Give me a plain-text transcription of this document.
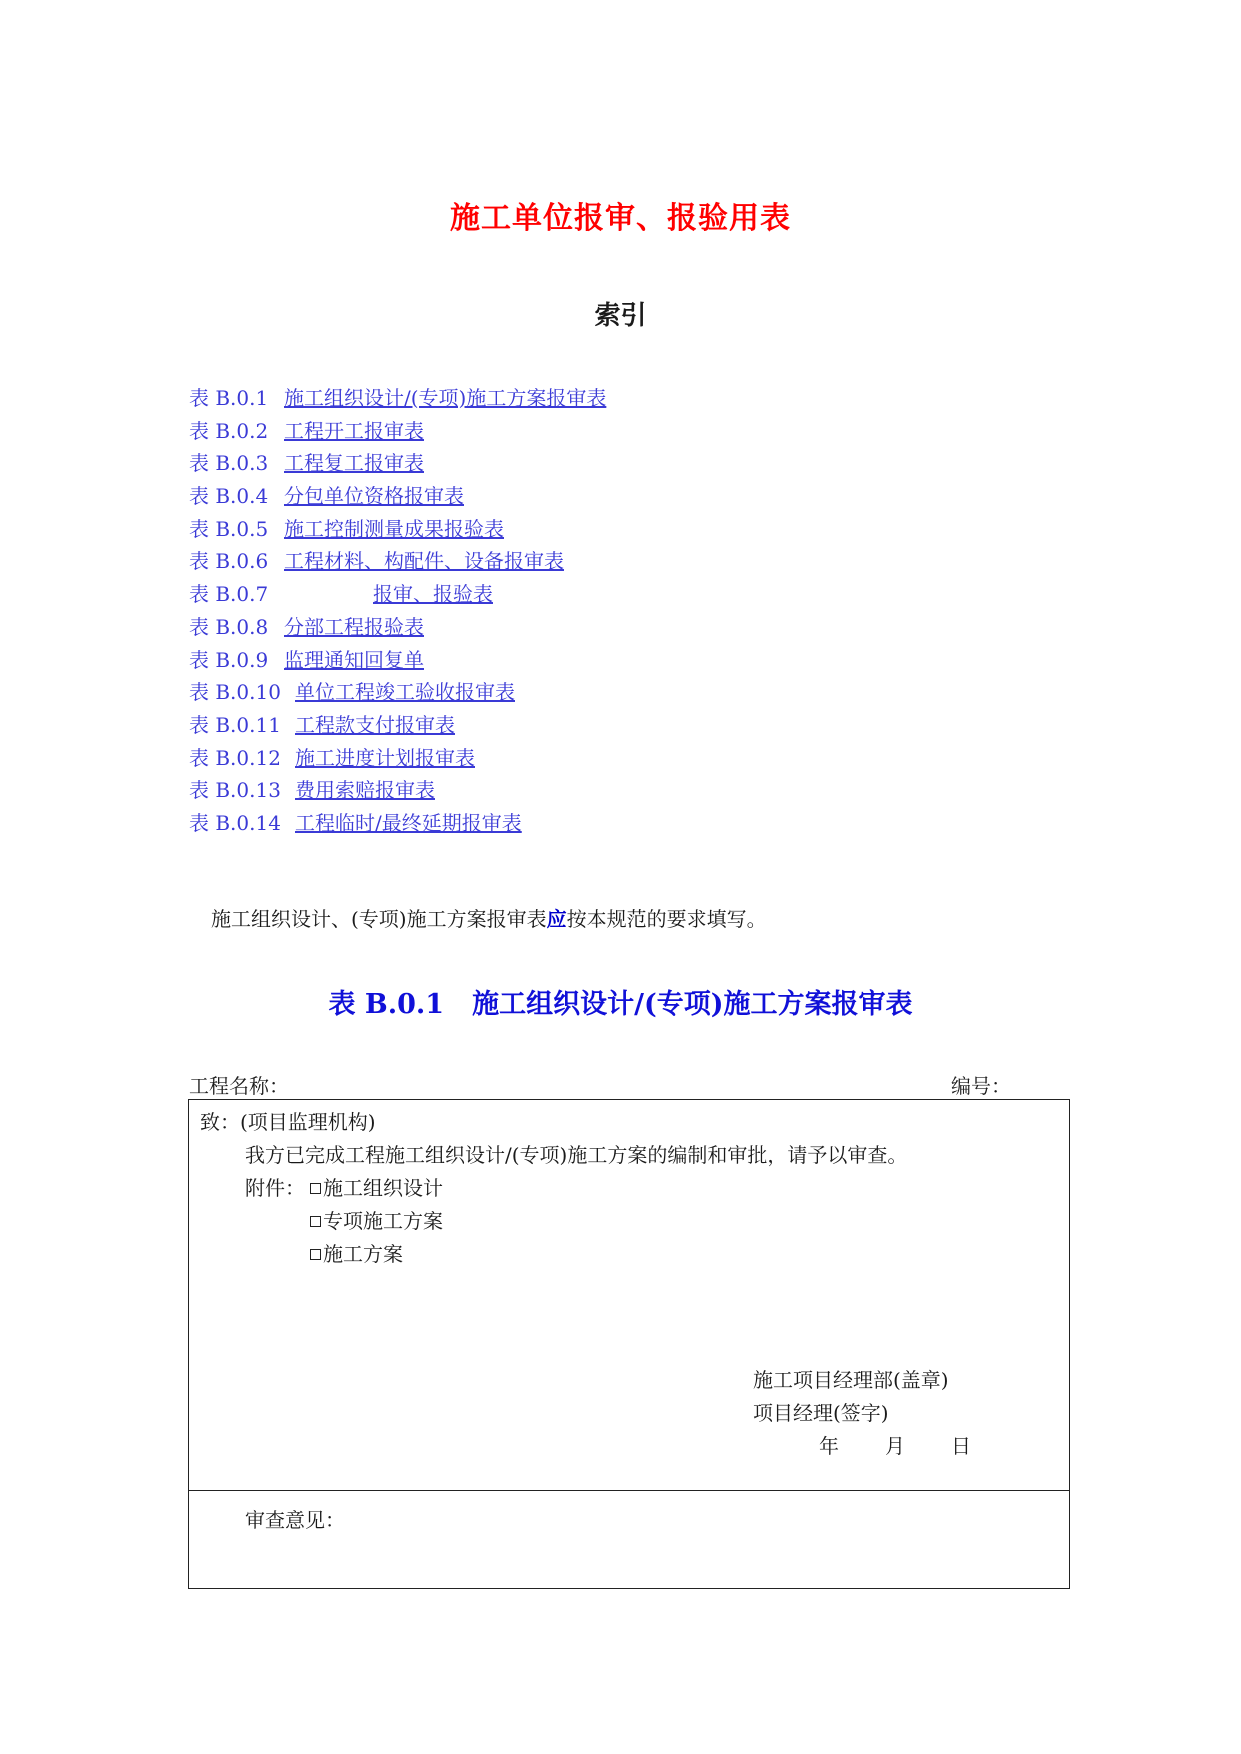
施工单位报审、报验用表
索引
表 B.0.1 施工组织设计/(专项)施工方案报审表
表 B.0.2 工程开工报审表
表 B.0.3 工程复工报审表
表 B.0.4 分包单位资格报审表
表 B.0.5 施工控制测量成果报验表
表 B.0.6 工程材料、构配件、设备报审表
表 B.0.7	报审、报验表
表 B.0.8 分部工程报验表
表 B.0.9 监理通知回复单
表 B.0.10 单位工程竣工验收报审表
表 B.0.11 工程款支付报审表
表 B.0.12 施工进度计划报审表
表 B.0.13 费用索赔报审表
表 B.0.14 工程临时/最终延期报审表
施工组织设计、(专项)施工方案报审表应按本规范的要求填写。
表 B.0.1 施工组织设计/(专项)施工方案报审表
工程名称：	编号：
致：(项目监理机构)
我方已完成工程施工组织设计/(专项)施工方案的编制和审批，请予以审查。
附件： 施工组织设计
专项施工方案
施工方案
施工项目经理部(盖章)
项目经理(签字)
年 月 日
审查意见：
